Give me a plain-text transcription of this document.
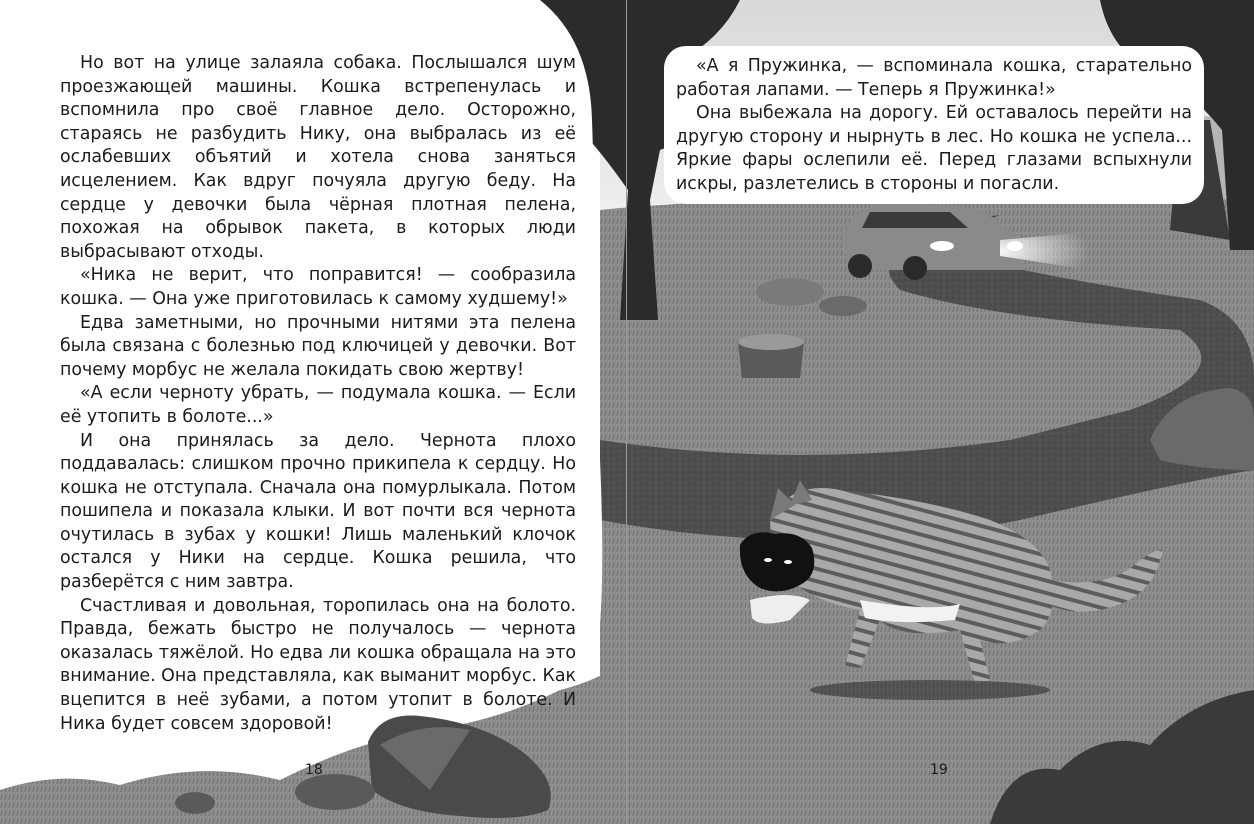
Но вот на улице залаяла собака. Послышался шум проезжающей машины. Кошка встрепенулась и вспомнила про своё главное дело. Осторожно, стараясь не разбудить Нику, она выбралась из её ослабевших объятий и хотела снова заняться исцелением. Как вдруг почуяла другую беду. На сердце у девочки была чёрная плотная пелена, похожая на обрывок пакета, в которых люди выбрасывают отходы.

«Ника не верит, что поправится! — сообразила кошка. — Она уже приготовилась к самому худшему!»

Едва заметными, но прочными нитями эта пелена была связана с болезнью под ключицей у девочки. Вот почему морбус не желала покидать свою жертву!

«А если черноту убрать, — подумала кошка. — Если её утопить в болоте...»

И она принялась за дело. Чернота плохо поддавалась: слишком прочно прикипела к сердцу. Но кошка не отступала. Сначала она помурлыкала. Потом пошипела и показала клыки. И вот почти вся чернота очутилась в зубах у кошки! Лишь маленький клочок остался у Ники на сердце. Кошка решила, что разберётся с ним завтра.

Счастливая и довольная, торопилась она на болото. Правда, бежать быстро не получалось — чернота оказалась тяжёлой. Но едва ли кошка обращала на это внимание. Она представляла, как выманит морбус. Как вцепится в неё зубами, а потом утопит в болоте. И Ника будет совсем здоровой!

«А я Пружинка, — вспоминала кошка, старательно работая лапами. — Теперь я Пружинка!»

Она выбежала на дорогу. Ей оставалось перейти на другую сторону и нырнуть в лес. Но кошка не успела... Яркие фары ослепили её. Перед глазами вспыхнули искры, разлетелись в стороны и погасли.

18	19
